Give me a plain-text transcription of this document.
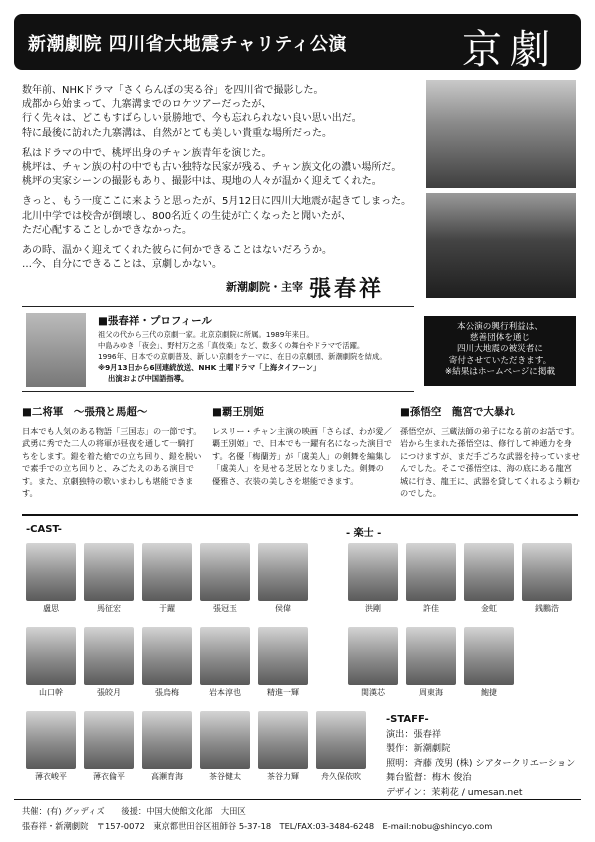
新潮劇院 四川省大地震チャリティ公演	京劇

数年前、NHKドラマ「さくらんぼの実る谷」を四川省で撮影した。
成都から始まって、九寨溝までのロケツアーだったが、
行く先々は、どこもすばらしい景勝地で、今も忘れられない良い思い出だ。
特に最後に訪れた九寨溝は、自然がとても美しい貴重な場所だった。

私はドラマの中で、桃坪出身のチャン族青年を演じた。
桃坪は、チャン族の村の中でも古い独特な民家が残る、チャン族文化の濃い場所だ。
桃坪の実家シーンの撮影もあり、撮影中は、現地の人々が温かく迎えてくれた。

きっと、もう一度ここに来ようと思ったが、5月12日に四川大地震が起きてしまった。
北川中学では校舎が倒壊し、800名近くの生徒が亡くなったと聞いたが、
ただ心配することしかできなかった。

あの時、温かく迎えてくれた彼らに何かできることはないだろうか。
…今、自分にできることは、京劇しかない。

新潮劇院・主宰 張春祥
■張春祥・プロフィール
祖父の代から三代の京劇一家。北京京劇院に所属。1989年来日。
中島みゆき「夜会」、野村万之丞「真伎楽」など、数多くの舞台やドラマで活躍。
1996年、日本での京劇普及、新しい京劇をテーマに、在日の京劇団、新潮劇院を結成。
※9月13日から6回連続放送、NHK 土曜ドラマ「上海タイフーン」
出演および中国語指導。
本公演の興行利益は、
慈善団体を通じ
四川大地震の被災者に
寄付させていただきます。
※結果はホームページに掲載
■二将軍　～張飛と馬超～

日本でも人気のある物語「三国志」の一節です。武勇に秀でた二人の将軍が昼夜を通して一騎打ちをします。鎧を着た槍での立ち回り、鎧を脱いで素手での立ち回りと、みごたえのある演目です。また、京劇独特の歌いまわしも堪能できます。

■覇王別姫

レスリー・チャン主演の映画「さらば、わが愛／覇王別姫」で、日本でも一躍有名になった演目です。名優「梅蘭芳」が「虞美人」の剣舞を編集し「虞美人」を見せる芝居となりました。剣舞の優雅さ、衣装の美しさを堪能できます。

■孫悟空　龍宮で大暴れ

孫悟空が、三蔵法師の弟子になる前のお話です。岩から生まれた孫悟空は、修行して神通力を身につけますが、まだ手ごろな武器を持っていませんでした。そこで孫悟空は、海の底にある龍宮城に行き、龍王に、武器を貸してくれるよう頼むのでした。

-CAST-	- 楽士 -
盧思	馬征宏	于躍	張冠玉	侯偉
山口幹	張皎月	張烏梅	岩本淳也	精進一輝
薄衣峻平	薄衣倫平	高瀬育海	茶谷健太	茶谷力輝	舟久保依吹
洪剛	許佳	金虹	銭鵬浩
関漢芯	周東海	鮑捷
-STAFF-
演出：張春祥
製作：新潮劇院
照明：斉藤 茂男 (株) シアタークリエーション
舞台監督：梅木 俊治
デザイン：茉莉花 / umesan.net
共催：(有) グッディズ　　後援：中国大使館文化部　大田区
張春祥・新潮劇院　〒157-0072　東京都世田谷区祖師谷 5-37-18　TEL/FAX:03-3484-6248　E-mail:nobu@shincyo.com
